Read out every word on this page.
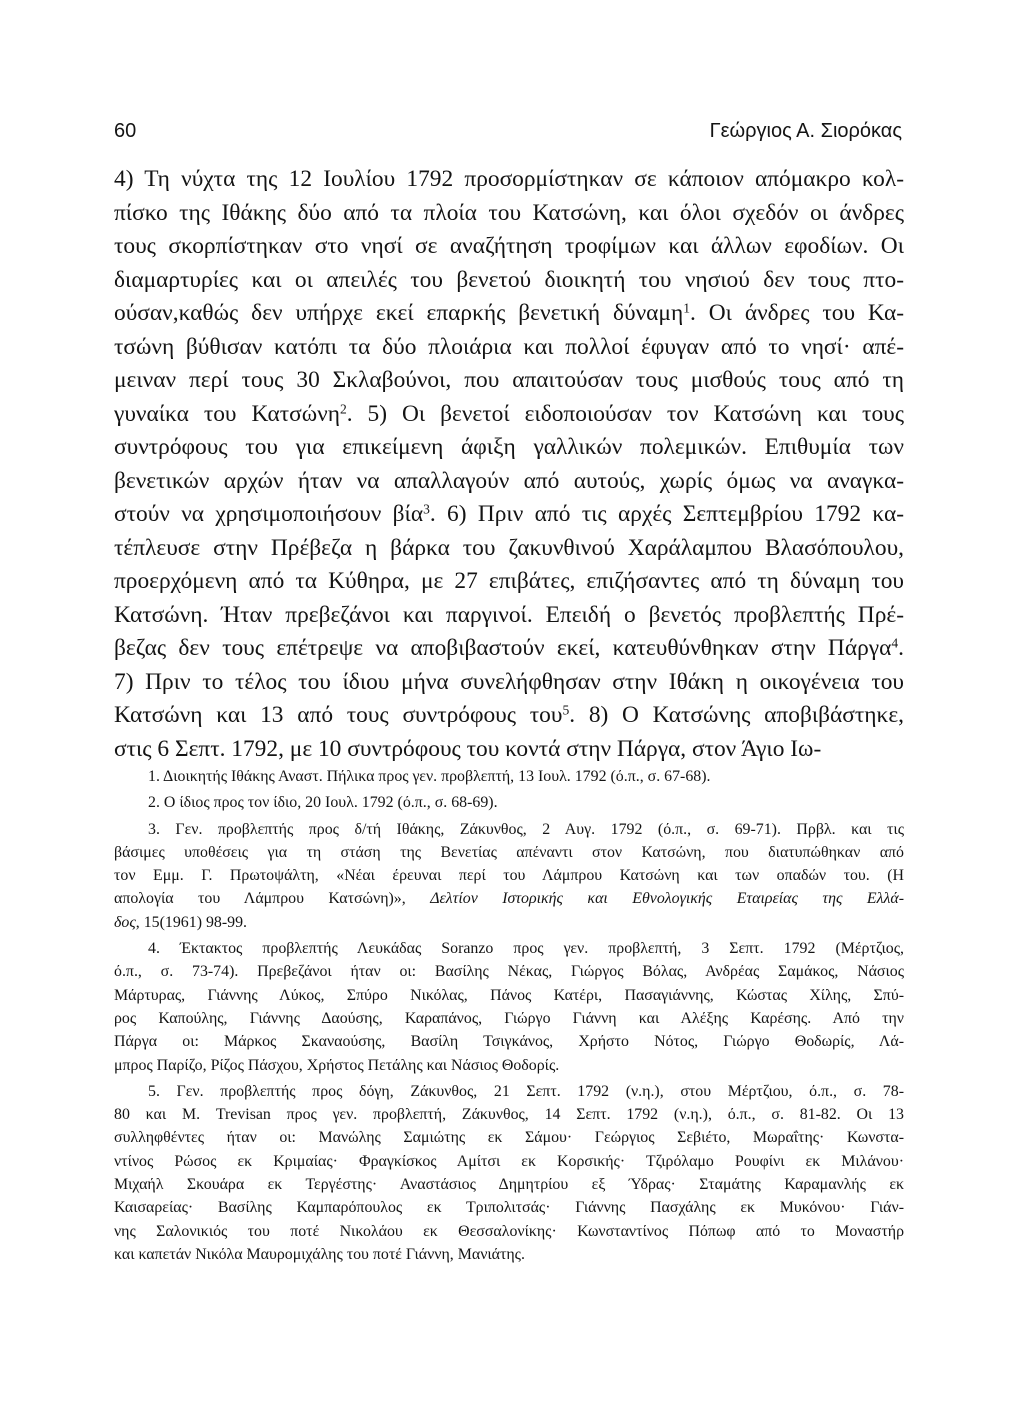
60	Γεώργιος Α. Σιορόκας
4) Τη νύχτα της 12 Ιουλίου 1792 προσορμίστηκαν σε κάποιον απόμακρο κολ-
πίσκο της Ιθάκης δύο από τα πλοία του Κατσώνη, και όλοι σχεδόν οι άνδρες
τους σκορπίστηκαν στο νησί σε αναζήτηση τροφίμων και άλλων εφοδίων. Οι
διαμαρτυρίες και οι απειλές του βενετού διοικητή του νησιού δεν τους πτο-
ούσαν,καθώς δεν υπήρχε εκεί επαρκής βενετική δύναμη$^1$. Οι άνδρες του Κα-
τσώνη βύθισαν κατόπι τα δύο πλοιάρια και πολλοί έφυγαν από το νησί· απέ-
μειναν περί τους 30 Σκλαβούνοι, που απαιτούσαν τους μισθούς τους από τη
γυναίκα του Κατσώνη$^2$. 5) Οι βενετοί ειδοποιούσαν τον Κατσώνη και τους
συντρόφους του για επικείμενη άφιξη γαλλικών πολεμικών. Επιθυμία των
βενετικών αρχών ήταν να απαλλαγούν από αυτούς, χωρίς όμως να αναγκα-
στούν να χρησιμοποιήσουν βία$^3$. 6) Πριν από τις αρχές Σεπτεμβρίου 1792 κα-
τέπλευσε στην Πρέβεζα η βάρκα του ζακυνθινού Χαράλαμπου Βλασόπουλου,
προερχόμενη από τα Κύθηρα, με 27 επιβάτες, επιζήσαντες από τη δύναμη του
Κατσώνη. Ήταν πρεβεζάνοι και παργινοί. Επειδή ο βενετός προβλεπτής Πρέ-
βεζας δεν τους επέτρεψε να αποβιβαστούν εκεί, κατευθύνθηκαν στην Πάργα$^4$.
7) Πριν το τέλος του ίδιου μήνα συνελήφθησαν στην Ιθάκη η οικογένεια του
Κατσώνη και 13 από τους συντρόφους του$^5$. 8) Ο Κατσώνης αποβιβάστηκε,
στις 6 Σεπτ. 1792, με 10 συντρόφους του κοντά στην Πάργα, στον Άγιο Ιω-
1. Διοικητής Ιθάκης Αναστ. Πήλικα προς γεν. προβλεπτή, 13 Ιουλ. 1792 (ό.π., σ. 67-68).
2. Ο ίδιος προς τον ίδιο, 20 Ιουλ. 1792 (ό.π., σ. 68-69).
3. Γεν. προβλεπτής προς δ/τή Ιθάκης, Ζάκυνθος, 2 Αυγ. 1792 (ό.π., σ. 69-71). Πρβλ. και τις
βάσιμες υποθέσεις για τη στάση της Βενετίας απέναντι στον Κατσώνη, που διατυπώθηκαν από
τον Εμμ. Γ. Πρωτοψάλτη, «Νέαι έρευναι περί του Λάμπρου Κατσώνη και των οπαδών του. (Η
απολογία του Λάμπρου Κατσώνη)», Δελτίον Ιστορικής και Εθνολογικής Εταιρείας της Ελλά-
δος, 15(1961) 98-99.
4. Έκτακτος προβλεπτής Λευκάδας Soranzo προς γεν. προβλεπτή, 3 Σεπτ. 1792 (Μέρτζιος,
ό.π., σ. 73-74). Πρεβεζάνοι ήταν οι: Βασίλης Νέκας, Γιώργος Βόλας, Ανδρέας Σαμάκος, Νάσιος
Μάρτυρας, Γιάννης Λύκος, Σπύρο Νικόλας, Πάνος Κατέρι, Πασαγιάννης, Κώστας Χίλης, Σπύ-
ρος Καπούλης, Γιάννης Δαούσης, Καραπάνος, Γιώργο Γιάννη και Αλέξης Καρέσης. Από την
Πάργα οι: Μάρκος Σκαναούσης, Βασίλη Τσιγκάνος, Χρήστο Νότος, Γιώργο Θοδωρίς, Λά-
μπρος Παρίζο, Ρίζος Πάσχου, Χρήστος Πετάλης και Νάσιος Θοδορίς.
5. Γεν. προβλεπτής προς δόγη, Ζάκυνθος, 21 Σεπτ. 1792 (ν.η.), στου Μέρτζιου, ό.π., σ. 78-
80 και Μ. Trevisan προς γεν. προβλεπτή, Ζάκυνθος, 14 Σεπτ. 1792 (ν.η.), ό.π., σ. 81-82. Οι 13
συλληφθέντες ήταν οι: Μανώλης Σαμιώτης εκ Σάμου· Γεώργιος Σεβιέτο, Μωραΐτης· Κωνστα-
ντίνος Ρώσος εκ Κριμαίας· Φραγκίσκος Αμίτσι εκ Κορσικής· Τζιρόλαμο Ρουφίνι εκ Μιλάνου·
Μιχαήλ Σκουάρα εκ Τεργέστης· Αναστάσιος Δημητρίου εξ Ύδρας· Σταμάτης Καραμανλής εκ
Καισαρείας· Βασίλης Καμπαρόπουλος εκ Τριπολιτσάς· Γιάννης Πασχάλης εκ Μυκόνου· Γιάν-
νης Σαλονικιός του ποτέ Νικολάου εκ Θεσσαλονίκης· Κωνσταντίνος Πόπωφ από το Μοναστήρ
και καπετάν Νικόλα Μαυρομιχάλης του ποτέ Γιάννη, Μανιάτης.
